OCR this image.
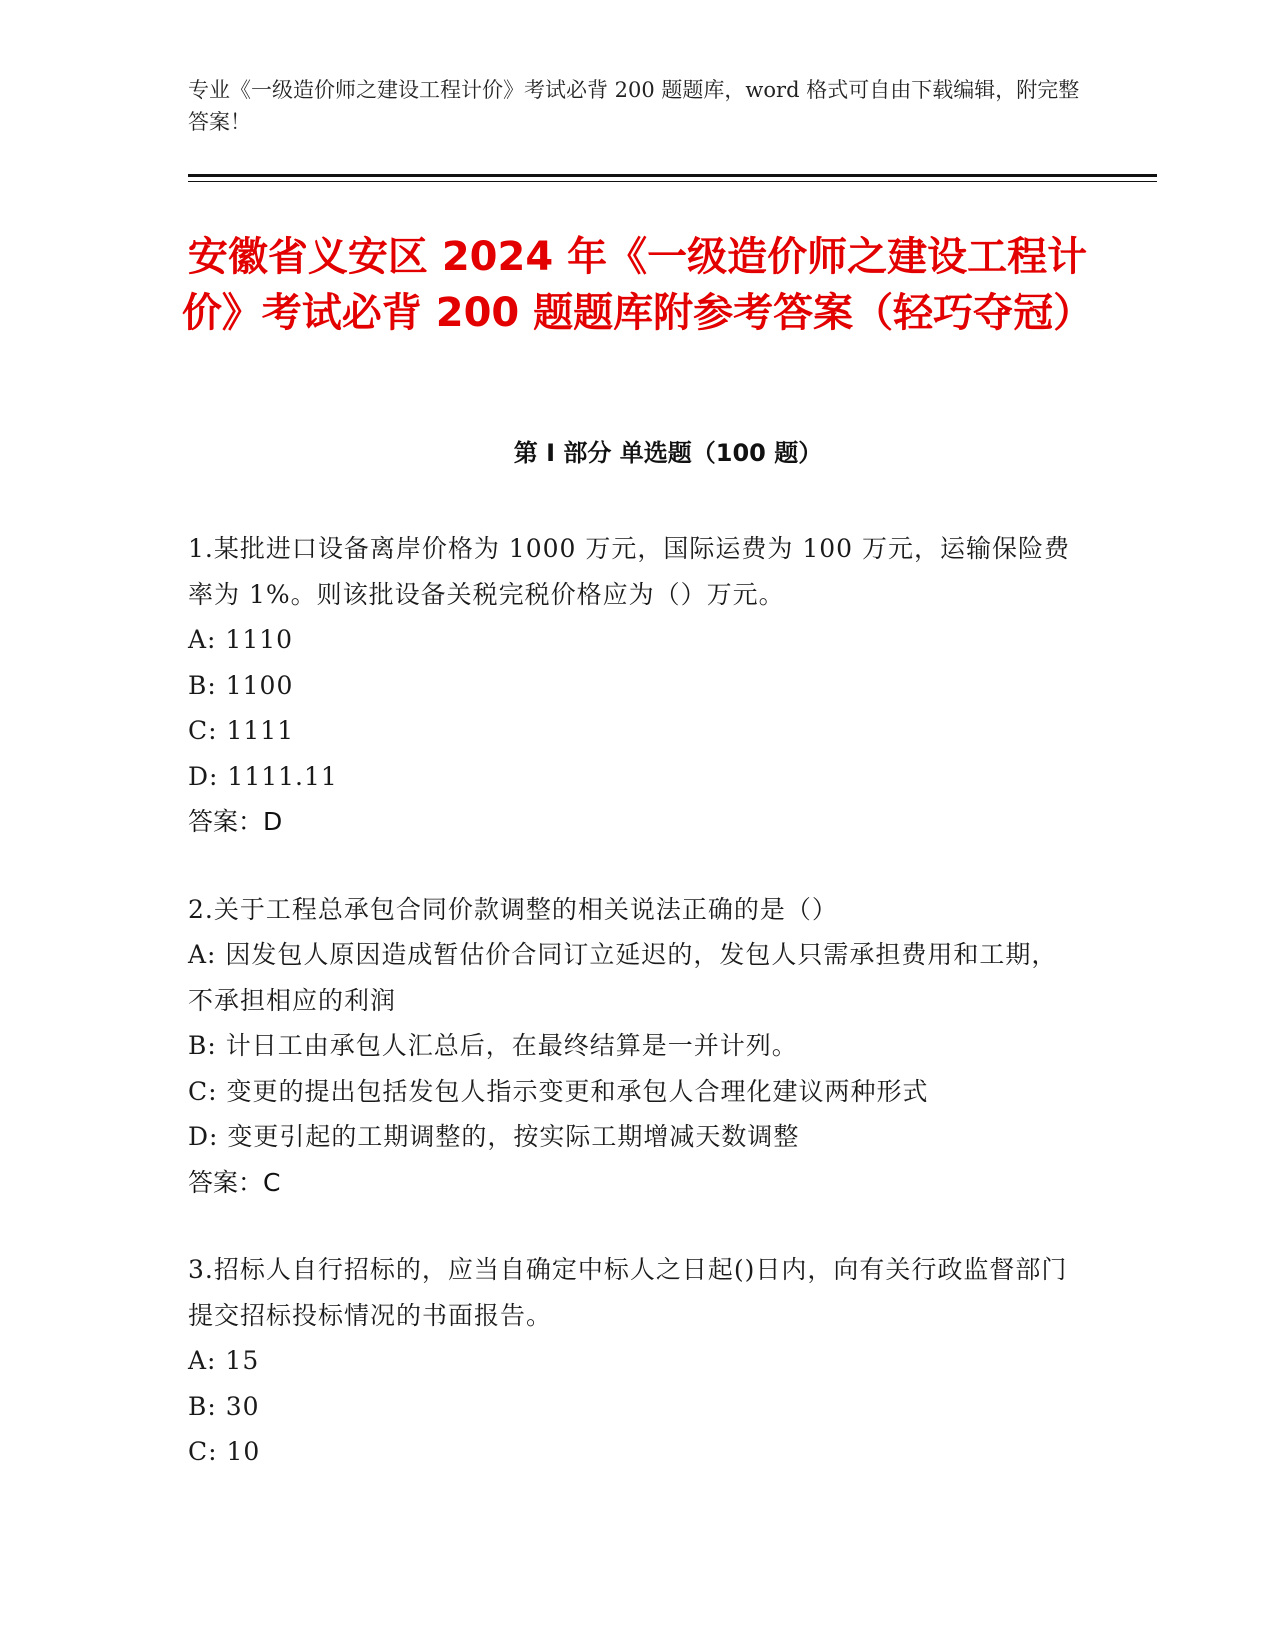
专业《一级造价师之建设工程计价》考试必背 200 题题库，word 格式可自由下载编辑，附完整答案！
安徽省义安区 2024 年《一级造价师之建设工程计价》考试必背 200 题题库附参考答案（轻巧夺冠）
第 I 部分 单选题（100 题）
1.某批进口设备离岸价格为 1000 万元，国际运费为 100 万元，运输保险费率为 1%。则该批设备关税完税价格应为（）万元。
A: 1110
B: 1100
C: 1111
D: 1111.11
答案：D
2.关于工程总承包合同价款调整的相关说法正确的是（）
A: 因发包人原因造成暂估价合同订立延迟的，发包人只需承担费用和工期，不承担相应的利润
B: 计日工由承包人汇总后，在最终结算是一并计列。
C: 变更的提出包括发包人指示变更和承包人合理化建议两种形式
D: 变更引起的工期调整的，按实际工期增减天数调整
答案：C
3.招标人自行招标的，应当自确定中标人之日起()日内，向有关行政监督部门提交招标投标情况的书面报告。
A: 15
B: 30
C: 10
